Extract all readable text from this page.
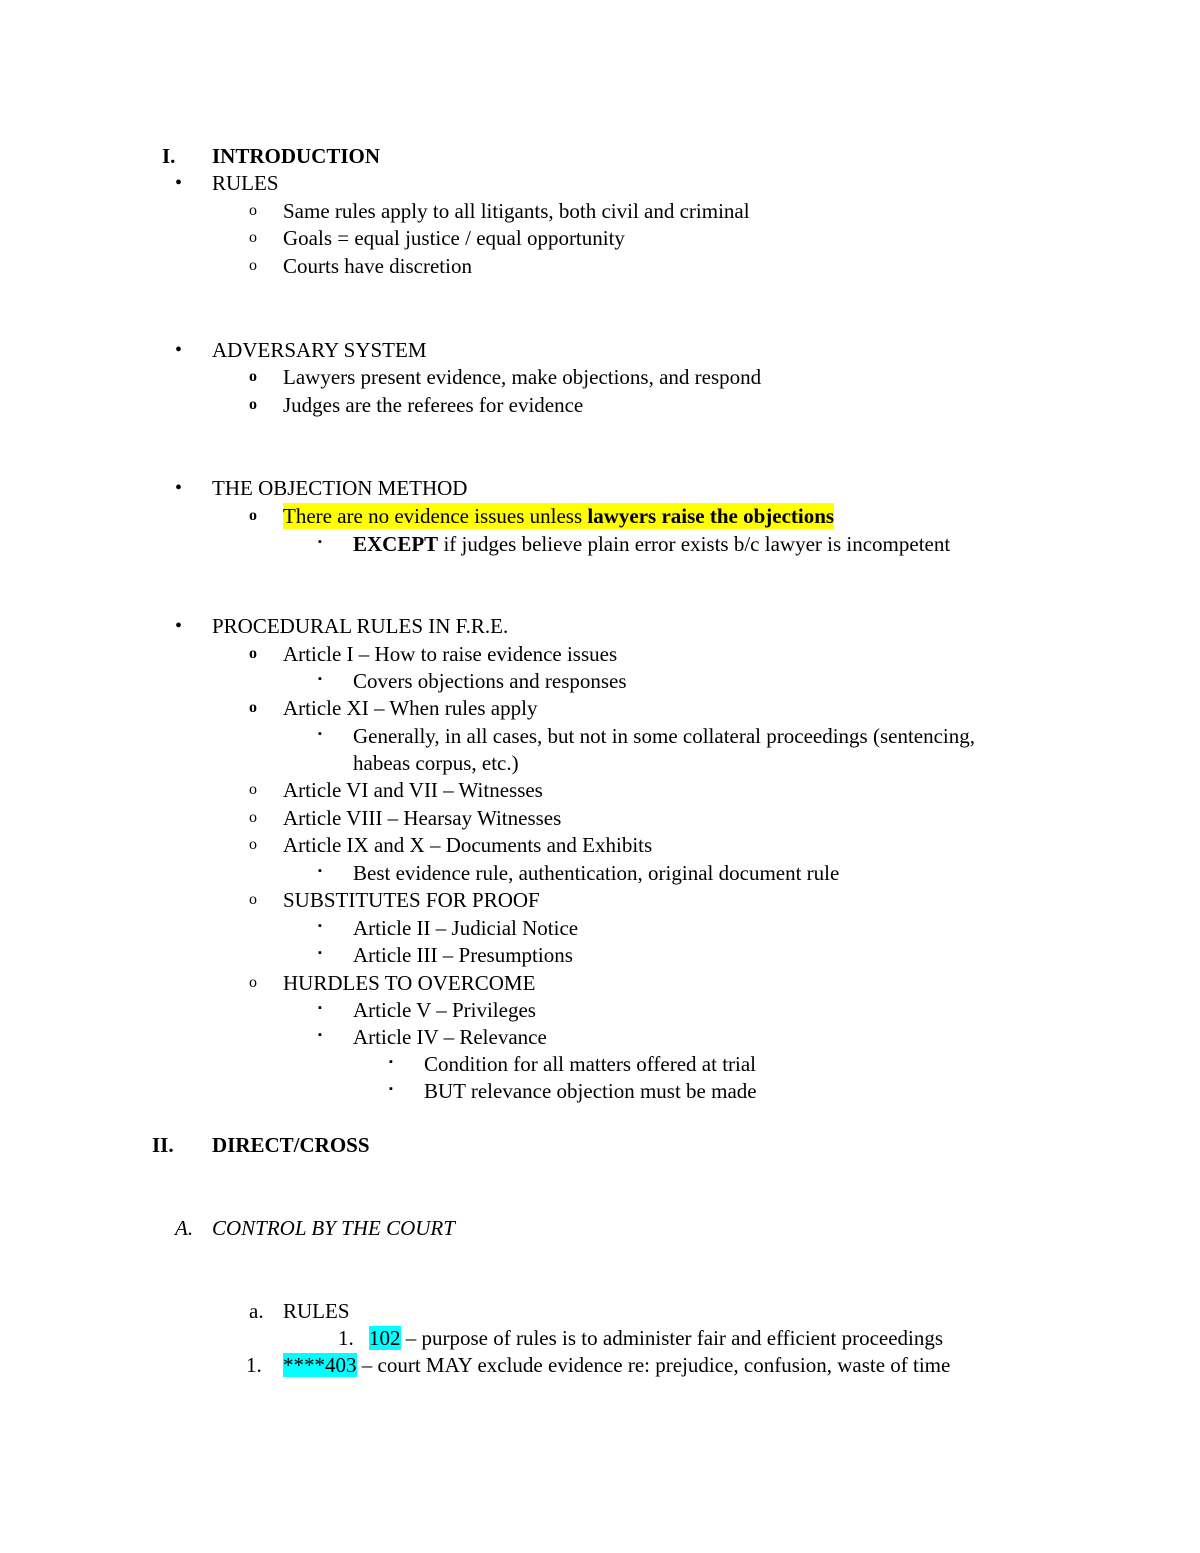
I. INTRODUCTION
• RULES
o Same rules apply to all litigants, both civil and criminal
o Goals = equal justice / equal opportunity
o Courts have discretion
• ADVERSARY SYSTEM
o Lawyers present evidence, make objections, and respond
o Judges are the referees for evidence
• THE OBJECTION METHOD
o There are no evidence issues unless lawyers raise the objections
▪ EXCEPT if judges believe plain error exists b/c lawyer is incompetent
• PROCEDURAL RULES IN F.R.E.
o Article I – How to raise evidence issues
▪ Covers objections and responses
o Article XI – When rules apply
▪ Generally, in all cases, but not in some collateral proceedings (sentencing,
habeas corpus, etc.)
o Article VI and VII – Witnesses
o Article VIII – Hearsay Witnesses
o Article IX and X – Documents and Exhibits
▪ Best evidence rule, authentication, original document rule
o SUBSTITUTES FOR PROOF
▪ Article II – Judicial Notice
▪ Article III – Presumptions
o HURDLES TO OVERCOME
▪ Article V – Privileges
▪ Article IV – Relevance
▪ Condition for all matters offered at trial
▪ BUT relevance objection must be made
II. DIRECT/CROSS
A. CONTROL BY THE COURT
a. RULES
1. 102 – purpose of rules is to administer fair and efficient proceedings
1. ****403 – court MAY exclude evidence re: prejudice, confusion, waste of time
